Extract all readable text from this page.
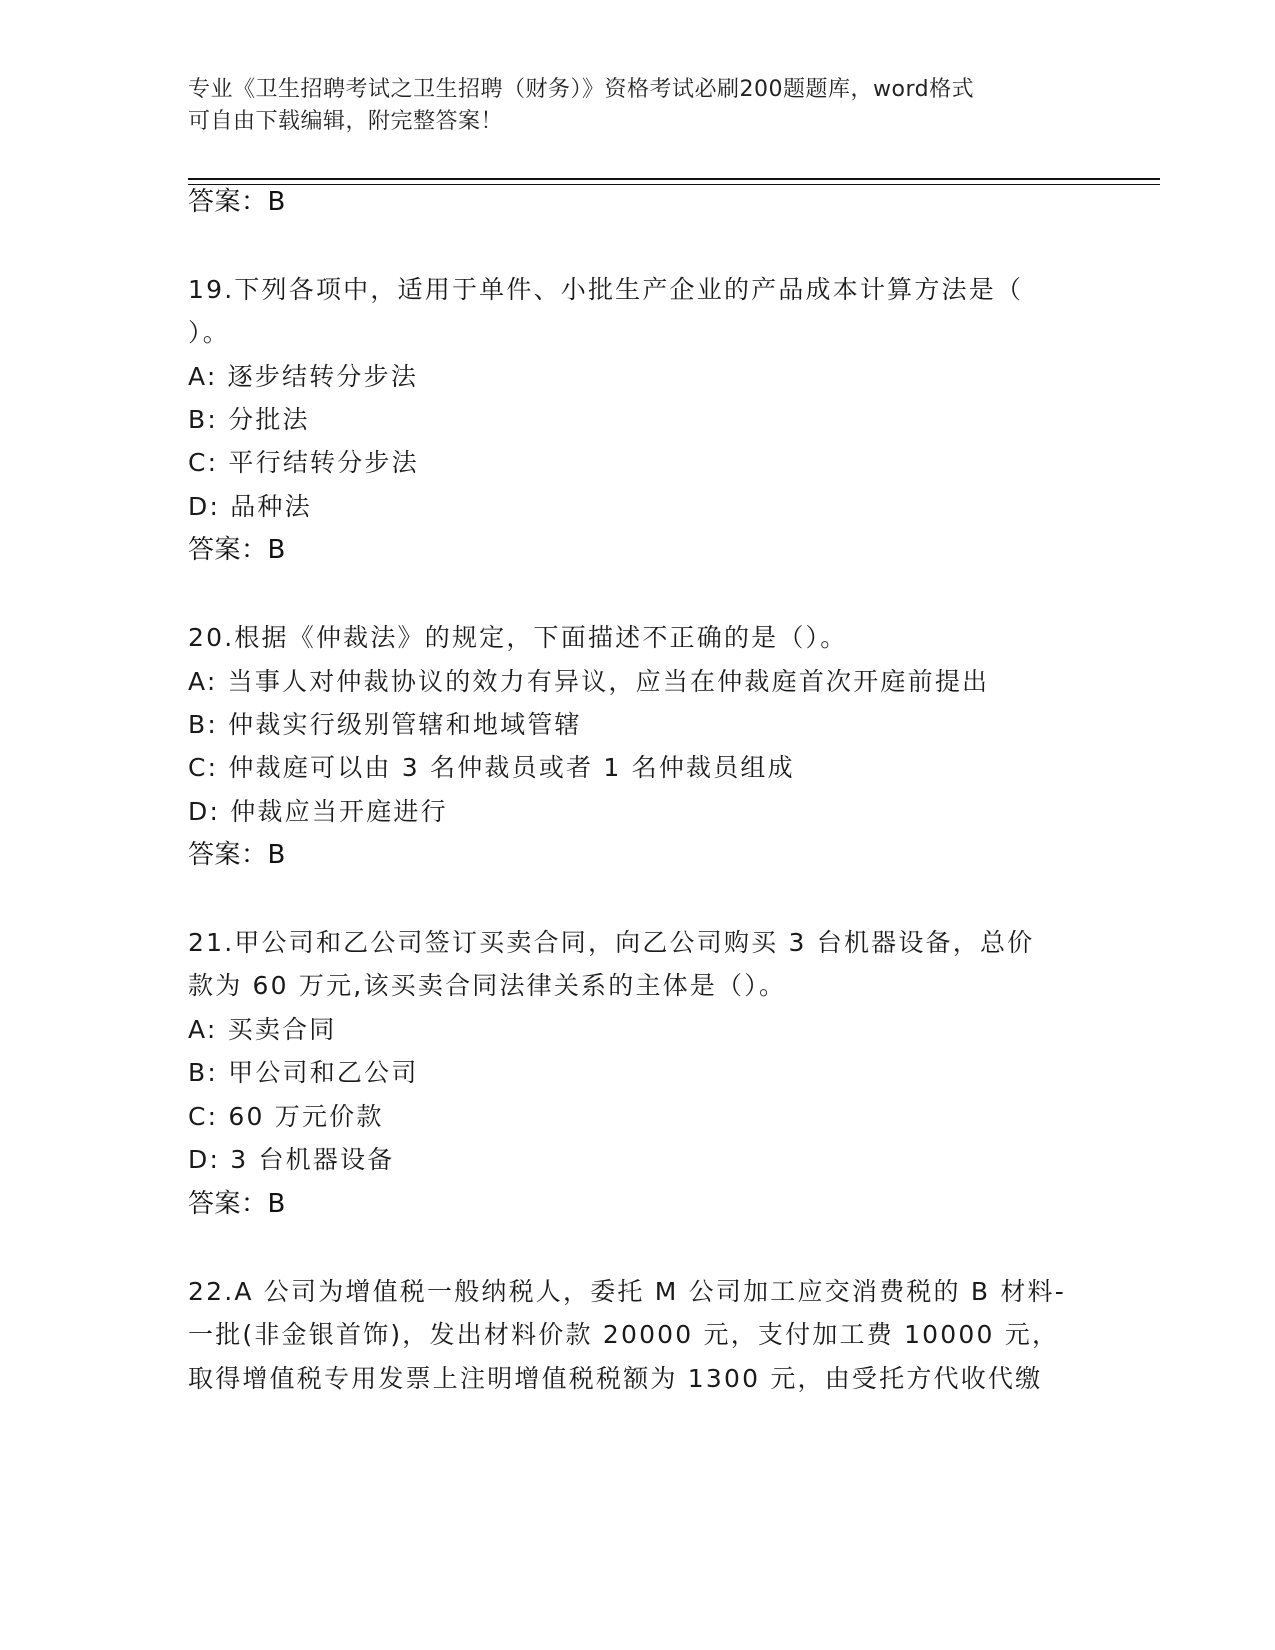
专业《卫生招聘考试之卫生招聘（财务）》资格考试必刷200题题库，word格式
可自由下载编辑，附完整答案！
答案：B
19.下列各项中，适用于单件、小批生产企业的产品成本计算方法是（
）。
A: 逐步结转分步法
B: 分批法
C: 平行结转分步法
D: 品种法
答案：B
20.根据《仲裁法》的规定，下面描述不正确的是（）。
A: 当事人对仲裁协议的效力有异议，应当在仲裁庭首次开庭前提出
B: 仲裁实行级别管辖和地域管辖
C: 仲裁庭可以由 3 名仲裁员或者 1 名仲裁员组成
D: 仲裁应当开庭进行
答案：B
21.甲公司和乙公司签订买卖合同，向乙公司购买 3 台机器设备，总价
款为 60 万元,该买卖合同法律关系的主体是（）。
A: 买卖合同
B: 甲公司和乙公司
C: 60 万元价款
D: 3 台机器设备
答案：B
22.A 公司为增值税一般纳税人，委托 M 公司加工应交消费税的 B 材料-
一批(非金银首饰)，发出材料价款 20000 元，支付加工费 10000 元，
取得增值税专用发票上注明增值税税额为 1300 元，由受托方代收代缴
